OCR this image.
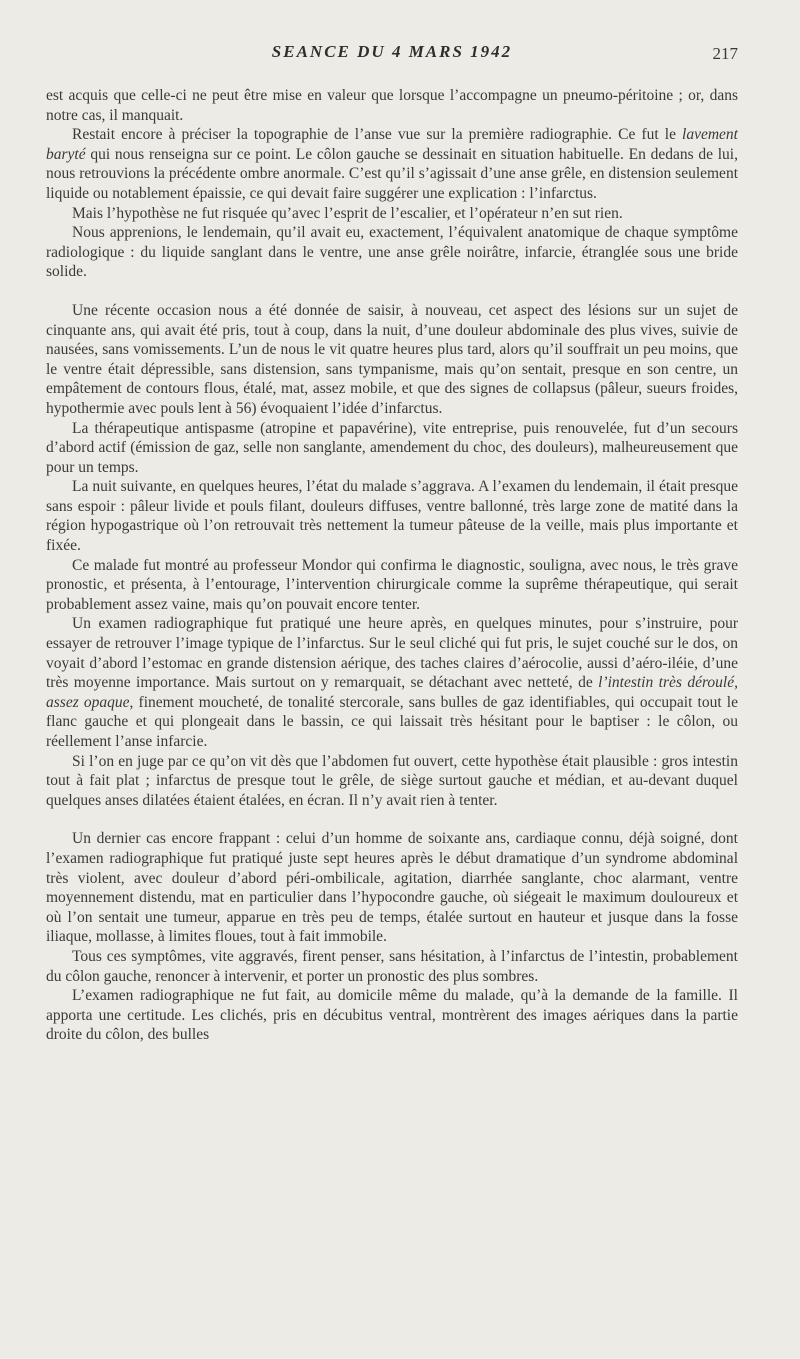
SEANCE DU 4 MARS 1942	217

est acquis que celle-ci ne peut être mise en valeur que lorsque l’accompagne un pneumo-péritoine ; or, dans notre cas, il manquait.

Restait encore à préciser la topographie de l’anse vue sur la première radiographie. Ce fut le lavement baryté qui nous renseigna sur ce point. Le côlon gauche se dessinait en situation habituelle. En dedans de lui, nous retrouvions la précédente ombre anormale. C’est qu’il s’agissait d’une anse grêle, en distension seulement liquide ou notablement épaissie, ce qui devait faire suggérer une explication : l’infarctus.

Mais l’hypothèse ne fut risquée qu’avec l’esprit de l’escalier, et l’opérateur n’en sut rien.

Nous apprenions, le lendemain, qu’il avait eu, exactement, l’équivalent anatomique de chaque symptôme radiologique : du liquide sanglant dans le ventre, une anse grêle noirâtre, infarcie, étranglée sous une bride solide.

Une récente occasion nous a été donnée de saisir, à nouveau, cet aspect des lésions sur un sujet de cinquante ans, qui avait été pris, tout à coup, dans la nuit, d’une douleur abdominale des plus vives, suivie de nausées, sans vomissements. L’un de nous le vit quatre heures plus tard, alors qu’il souffrait un peu moins, que le ventre était dépressible, sans distension, sans tympanisme, mais qu’on sentait, presque en son centre, un empâtement de contours flous, étalé, mat, assez mobile, et que des signes de collapsus (pâleur, sueurs froides, hypothermie avec pouls lent à 56) évoquaient l’idée d’infarctus.

La thérapeutique antispasme (atropine et papavérine), vite entreprise, puis renouvelée, fut d’un secours d’abord actif (émission de gaz, selle non sanglante, amendement du choc, des douleurs), malheureusement que pour un temps.

La nuit suivante, en quelques heures, l’état du malade s’aggrava. A l’examen du lendemain, il était presque sans espoir : pâleur livide et pouls filant, douleurs diffuses, ventre ballonné, très large zone de matité dans la région hypogastrique où l’on retrouvait très nettement la tumeur pâteuse de la veille, mais plus importante et fixée.

Ce malade fut montré au professeur Mondor qui confirma le diagnostic, souligna, avec nous, le très grave pronostic, et présenta, à l’entourage, l’intervention chirurgicale comme la suprême thérapeutique, qui serait probablement assez vaine, mais qu’on pouvait encore tenter.

Un examen radiographique fut pratiqué une heure après, en quelques minutes, pour s’instruire, pour essayer de retrouver l’image typique de l’infarctus. Sur le seul cliché qui fut pris, le sujet couché sur le dos, on voyait d’abord l’estomac en grande distension aérique, des taches claires d’aérocolie, aussi d’aéro-iléie, d’une très moyenne importance. Mais surtout on y remarquait, se détachant avec netteté, de l’intestin très déroulé, assez opaque, finement moucheté, de tonalité stercorale, sans bulles de gaz identifiables, qui occupait tout le flanc gauche et qui plongeait dans le bassin, ce qui laissait très hésitant pour le baptiser : le côlon, ou réellement l’anse infarcie.

Si l’on en juge par ce qu’on vit dès que l’abdomen fut ouvert, cette hypothèse était plausible : gros intestin tout à fait plat ; infarctus de presque tout le grêle, de siège surtout gauche et médian, et au-devant duquel quelques anses dilatées étaient étalées, en écran. Il n’y avait rien à tenter.

Un dernier cas encore frappant : celui d’un homme de soixante ans, cardiaque connu, déjà soigné, dont l’examen radiographique fut pratiqué juste sept heures après le début dramatique d’un syndrome abdominal très violent, avec douleur d’abord péri-ombilicale, agitation, diarrhée sanglante, choc alarmant, ventre moyennement distendu, mat en particulier dans l’hypocondre gauche, où siégeait le maximum douloureux et où l’on sentait une tumeur, apparue en très peu de temps, étalée surtout en hauteur et jusque dans la fosse iliaque, mollasse, à limites floues, tout à fait immobile.

Tous ces symptômes, vite aggravés, firent penser, sans hésitation, à l’infarctus de l’intestin, probablement du côlon gauche, renoncer à intervenir, et porter un pronostic des plus sombres.

L’examen radiographique ne fut fait, au domicile même du malade, qu’à la demande de la famille. Il apporta une certitude. Les clichés, pris en décubitus ventral, montrèrent des images aériques dans la partie droite du côlon, des bulles
